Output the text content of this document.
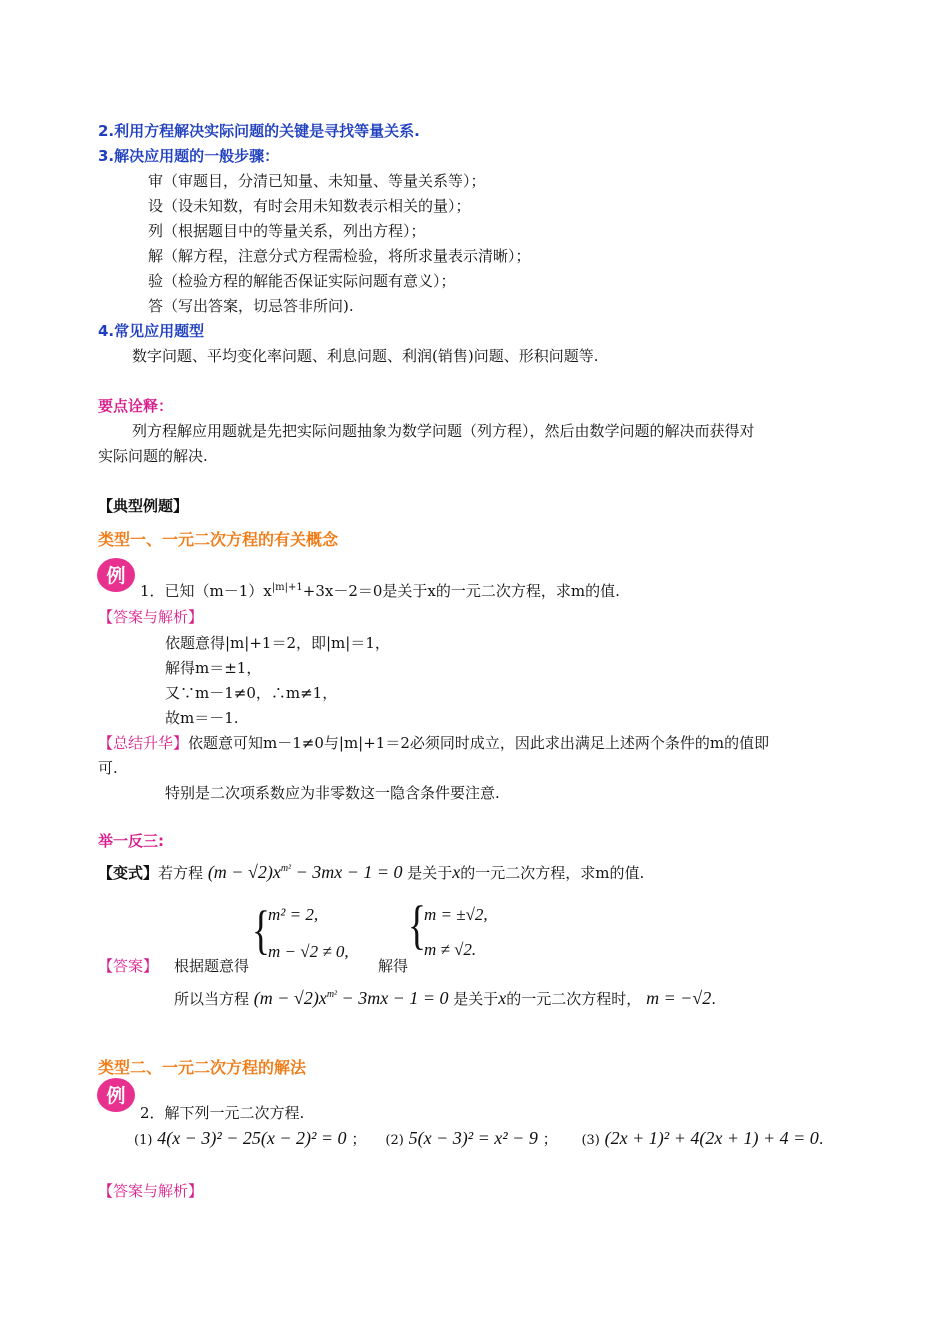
2.利用方程解决实际问题的关键是寻找等量关系.
3.解决应用题的一般步骤：
审（审题目，分清已知量、未知量、等量关系等）；
设（设未知数，有时会用未知数表示相关的量）；
列（根据题目中的等量关系，列出方程）；
解（解方程，注意分式方程需检验，将所求量表示清晰）；
验（检验方程的解能否保证实际问题有意义）；
答（写出答案，切忌答非所问).
4.常见应用题型
数字问题、平均变化率问题、利息问题、利润(销售)问题、形积问题等.
要点诠释：
列方程解应用题就是先把实际问题抽象为数学问题（列方程），然后由数学问题的解决而获得对
实际问题的解决.
【典型例题】
类型一、一元二次方程的有关概念
例
1．已知$(m-1)x^{|m|+1}+3x-2=0$是关于x的一元二次方程，求m的值.
【答案与解析】
依题意得|m|+1＝2，即|m|＝1，
解得m＝±1，
又∵m－1≠0，∴m≠1，
故m＝－1.
【总结升华】依题意可知m－1≠0与|m|+1＝2必须同时成立，因此求出满足上述两个条件的m的值即
可.
特别是二次项系数应为非零数这一隐含条件要注意.
举一反三:
【变式】若方程 $(m - √2)x^{m^2} - 3mx - 1 = 0$ 是关于x的一元二次方程，求m的值.
【答案】 根据题意得
{
m² = 2,
m − √2 ≠ 0,
解得
{
m = ±√2,
m ≠ √2.
所以当方程 $(m - √2)x^{m^2} - 3mx - 1 = 0$ 是关于x的一元二次方程时， m = −√2.
类型二、一元二次方程的解法
例
2．解下列一元二次方程.
(1) 4(x − 3)² − 25(x − 2)² = 0 ； (2) 5(x − 3)² = x² − 9 ； (3) (2x + 1)² + 4(2x + 1) + 4 = 0.
【答案与解析】
